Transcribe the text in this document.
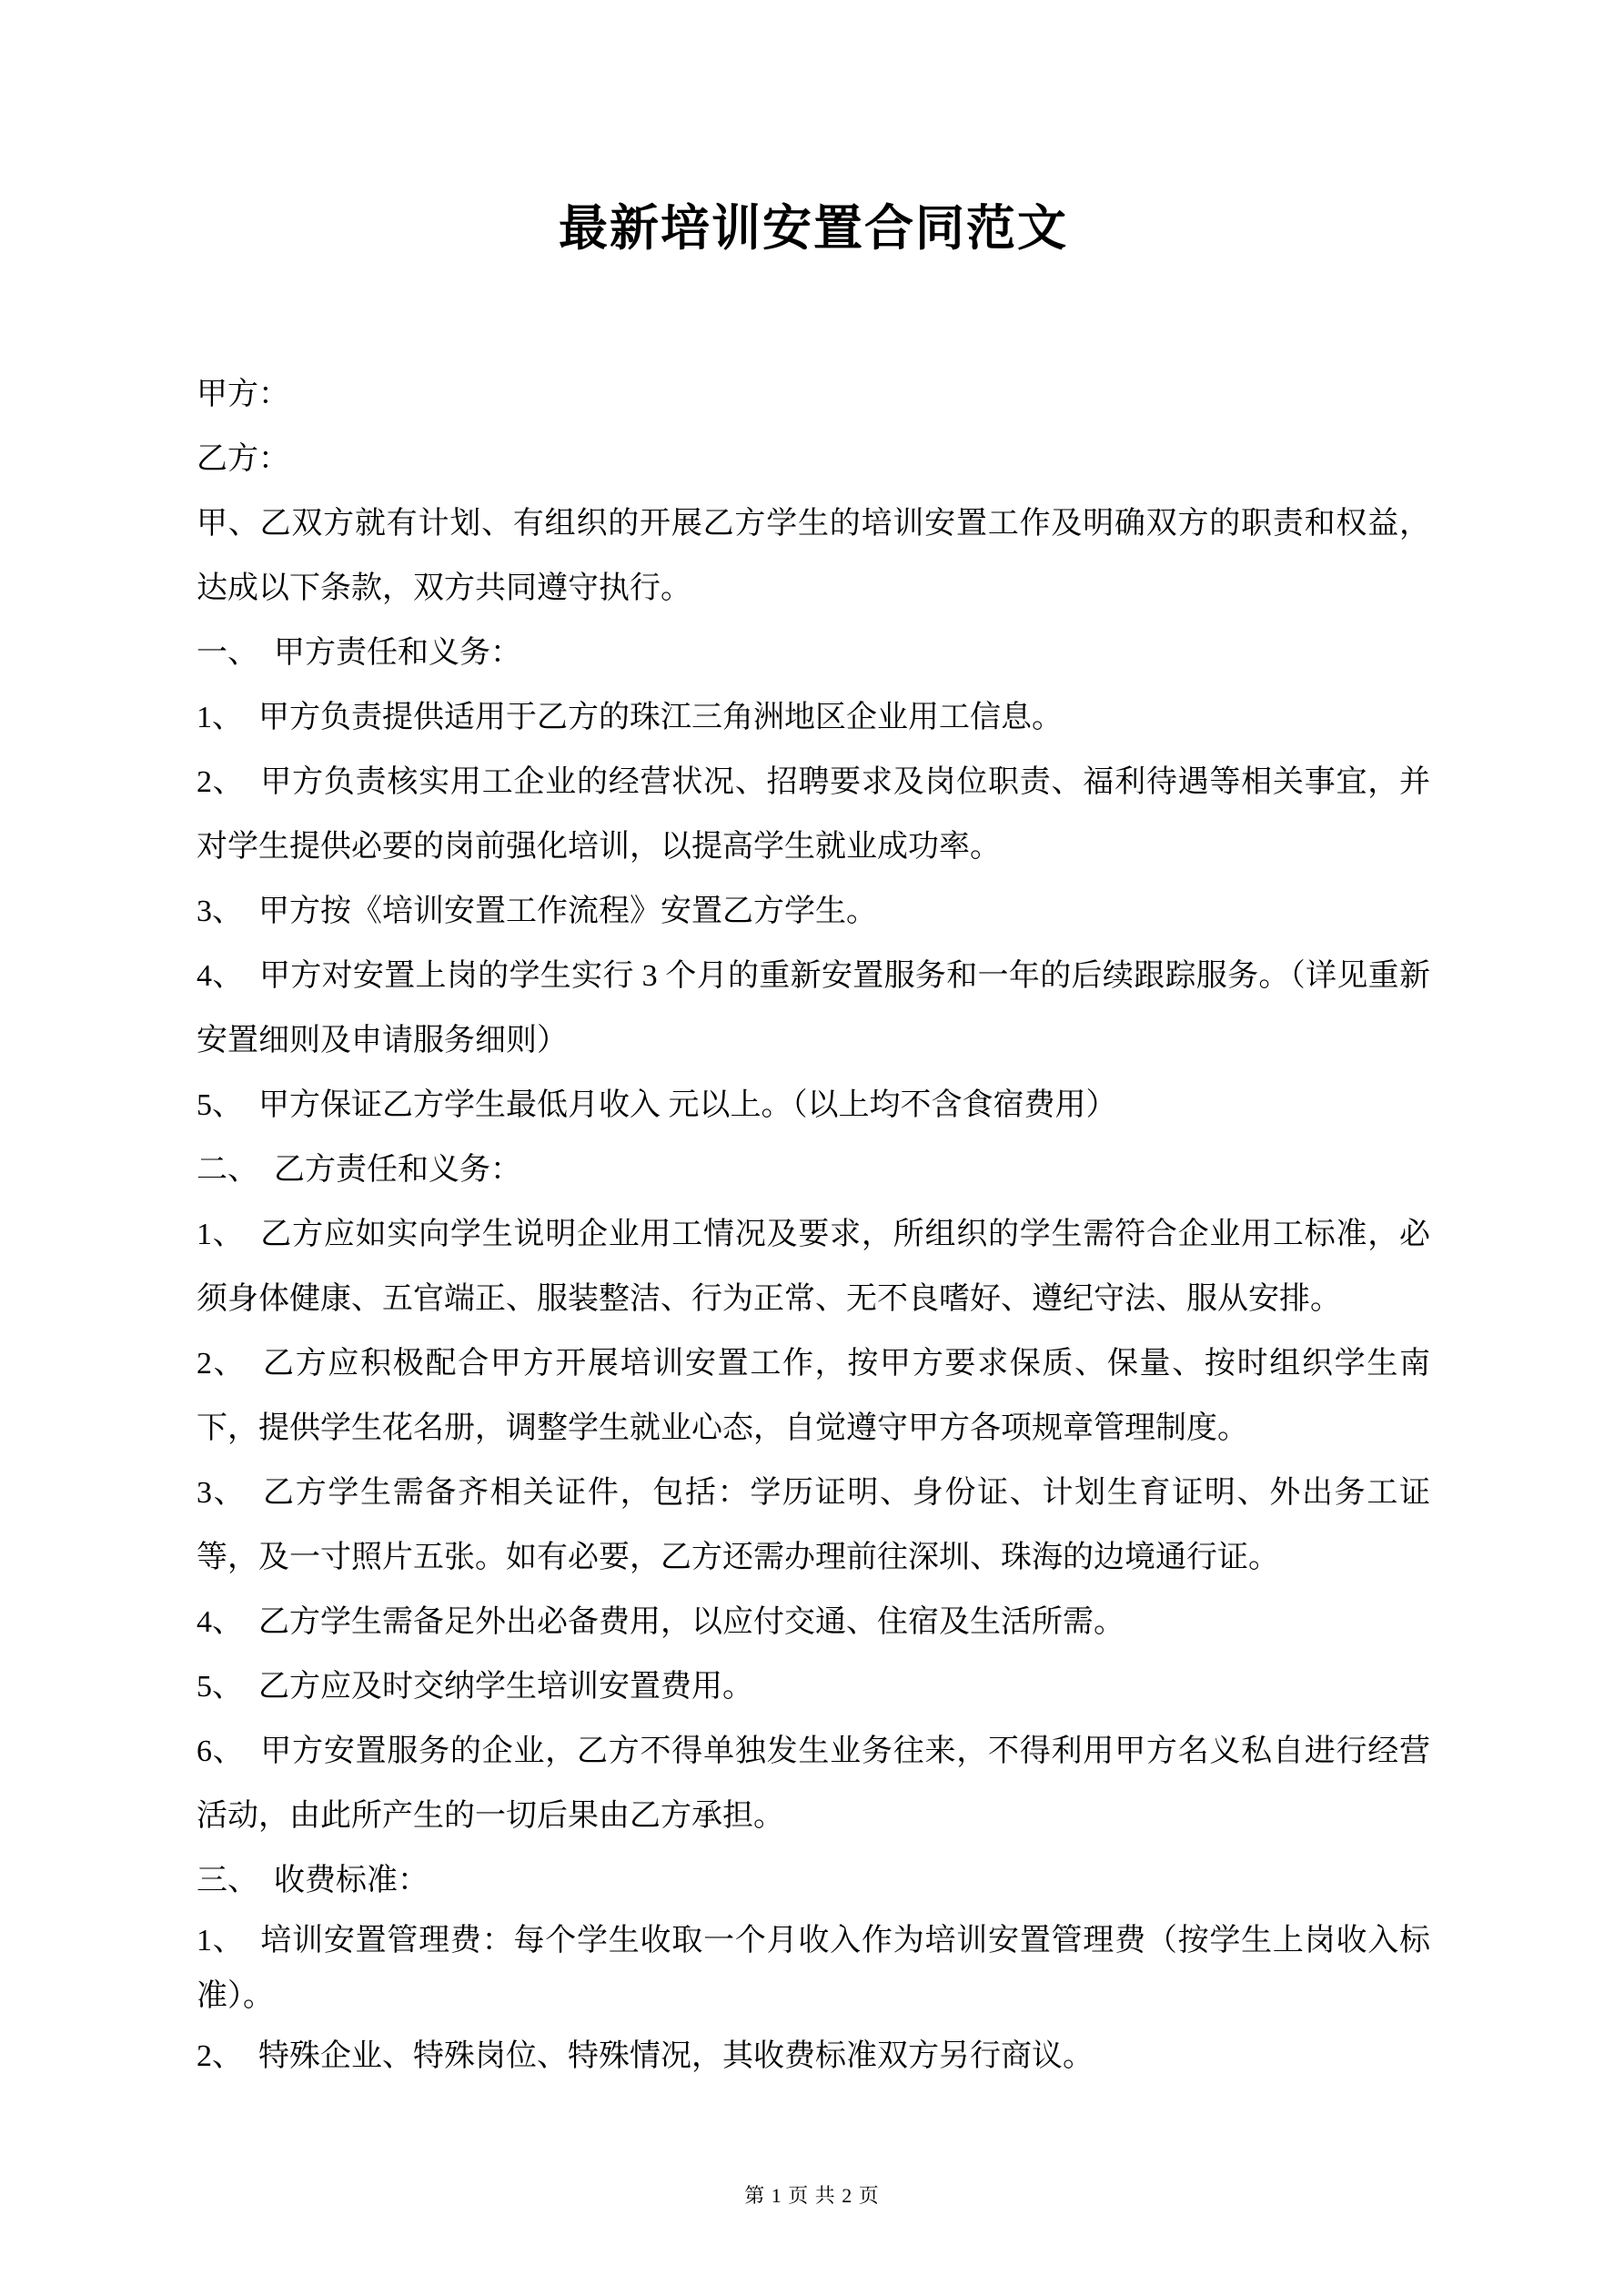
最新培训安置合同范文

甲方：

乙方：

甲、乙双方就有计划、有组织的开展乙方学生的培训安置工作及明确双方的职责和权益，达成以下条款，双方共同遵守执行。

一、　甲方责任和义务：

1、　甲方负责提供适用于乙方的珠江三角洲地区企业用工信息。

2、　甲方负责核实用工企业的经营状况、招聘要求及岗位职责、福利待遇等相关事宜，并对学生提供必要的岗前强化培训，以提高学生就业成功率。

3、　甲方按《培训安置工作流程》安置乙方学生。

4、　甲方对安置上岗的学生实行 3 个月的重新安置服务和一年的后续跟踪服务。（详见重新安置细则及申请服务细则）

5、　甲方保证乙方学生最低月收入 元以上。（以上均不含食宿费用）

二、　乙方责任和义务：

1、　乙方应如实向学生说明企业用工情况及要求，所组织的学生需符合企业用工标准，必须身体健康、五官端正、服装整洁、行为正常、无不良嗜好、遵纪守法、服从安排。

2、　乙方应积极配合甲方开展培训安置工作，按甲方要求保质、保量、按时组织学生南下，提供学生花名册，调整学生就业心态，自觉遵守甲方各项规章管理制度。

3、　乙方学生需备齐相关证件，包括：学历证明、身份证、计划生育证明、外出务工证等，及一寸照片五张。如有必要，乙方还需办理前往深圳、珠海的边境通行证。

4、　乙方学生需备足外出必备费用，以应付交通、住宿及生活所需。

5、　乙方应及时交纳学生培训安置费用。

6、　甲方安置服务的企业，乙方不得单独发生业务往来，不得利用甲方名义私自进行经营活动，由此所产生的一切后果由乙方承担。

三、　收费标准：

1、　培训安置管理费：每个学生收取一个月收入作为培训安置管理费（按学生上岗收入标准）。

2、　特殊企业、特殊岗位、特殊情况，其收费标准双方另行商议。

第 1 页 共 2 页
